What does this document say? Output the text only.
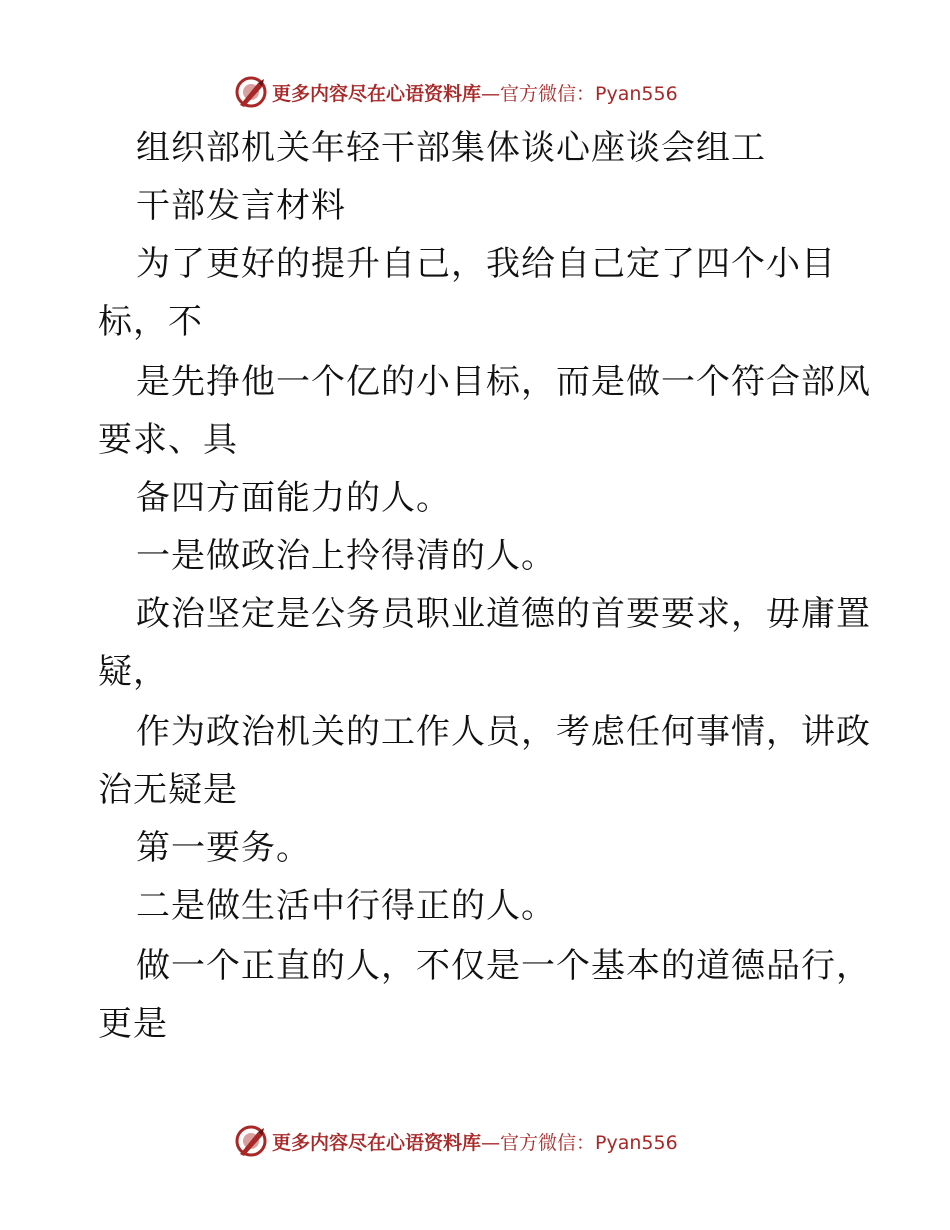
更多内容尽在心语资料库 —官方微信：Pyan556
组织部机关年轻干部集体谈心座谈会组工
干部发言材料
为了更好的提升自己，我给自己定了四个小目
标，不
是先挣他一个亿的小目标，而是做一个符合部风
要求、具
备四方面能力的人。
一是做政治上拎得清的人。
政治坚定是公务员职业道德的首要要求，毋庸置
疑，
作为政治机关的工作人员，考虑任何事情，讲政
治无疑是
第一要务。
二是做生活中行得正的人。
做一个正直的人，不仅是一个基本的道德品行，
更是
更多内容尽在心语资料库 —官方微信：Pyan556
